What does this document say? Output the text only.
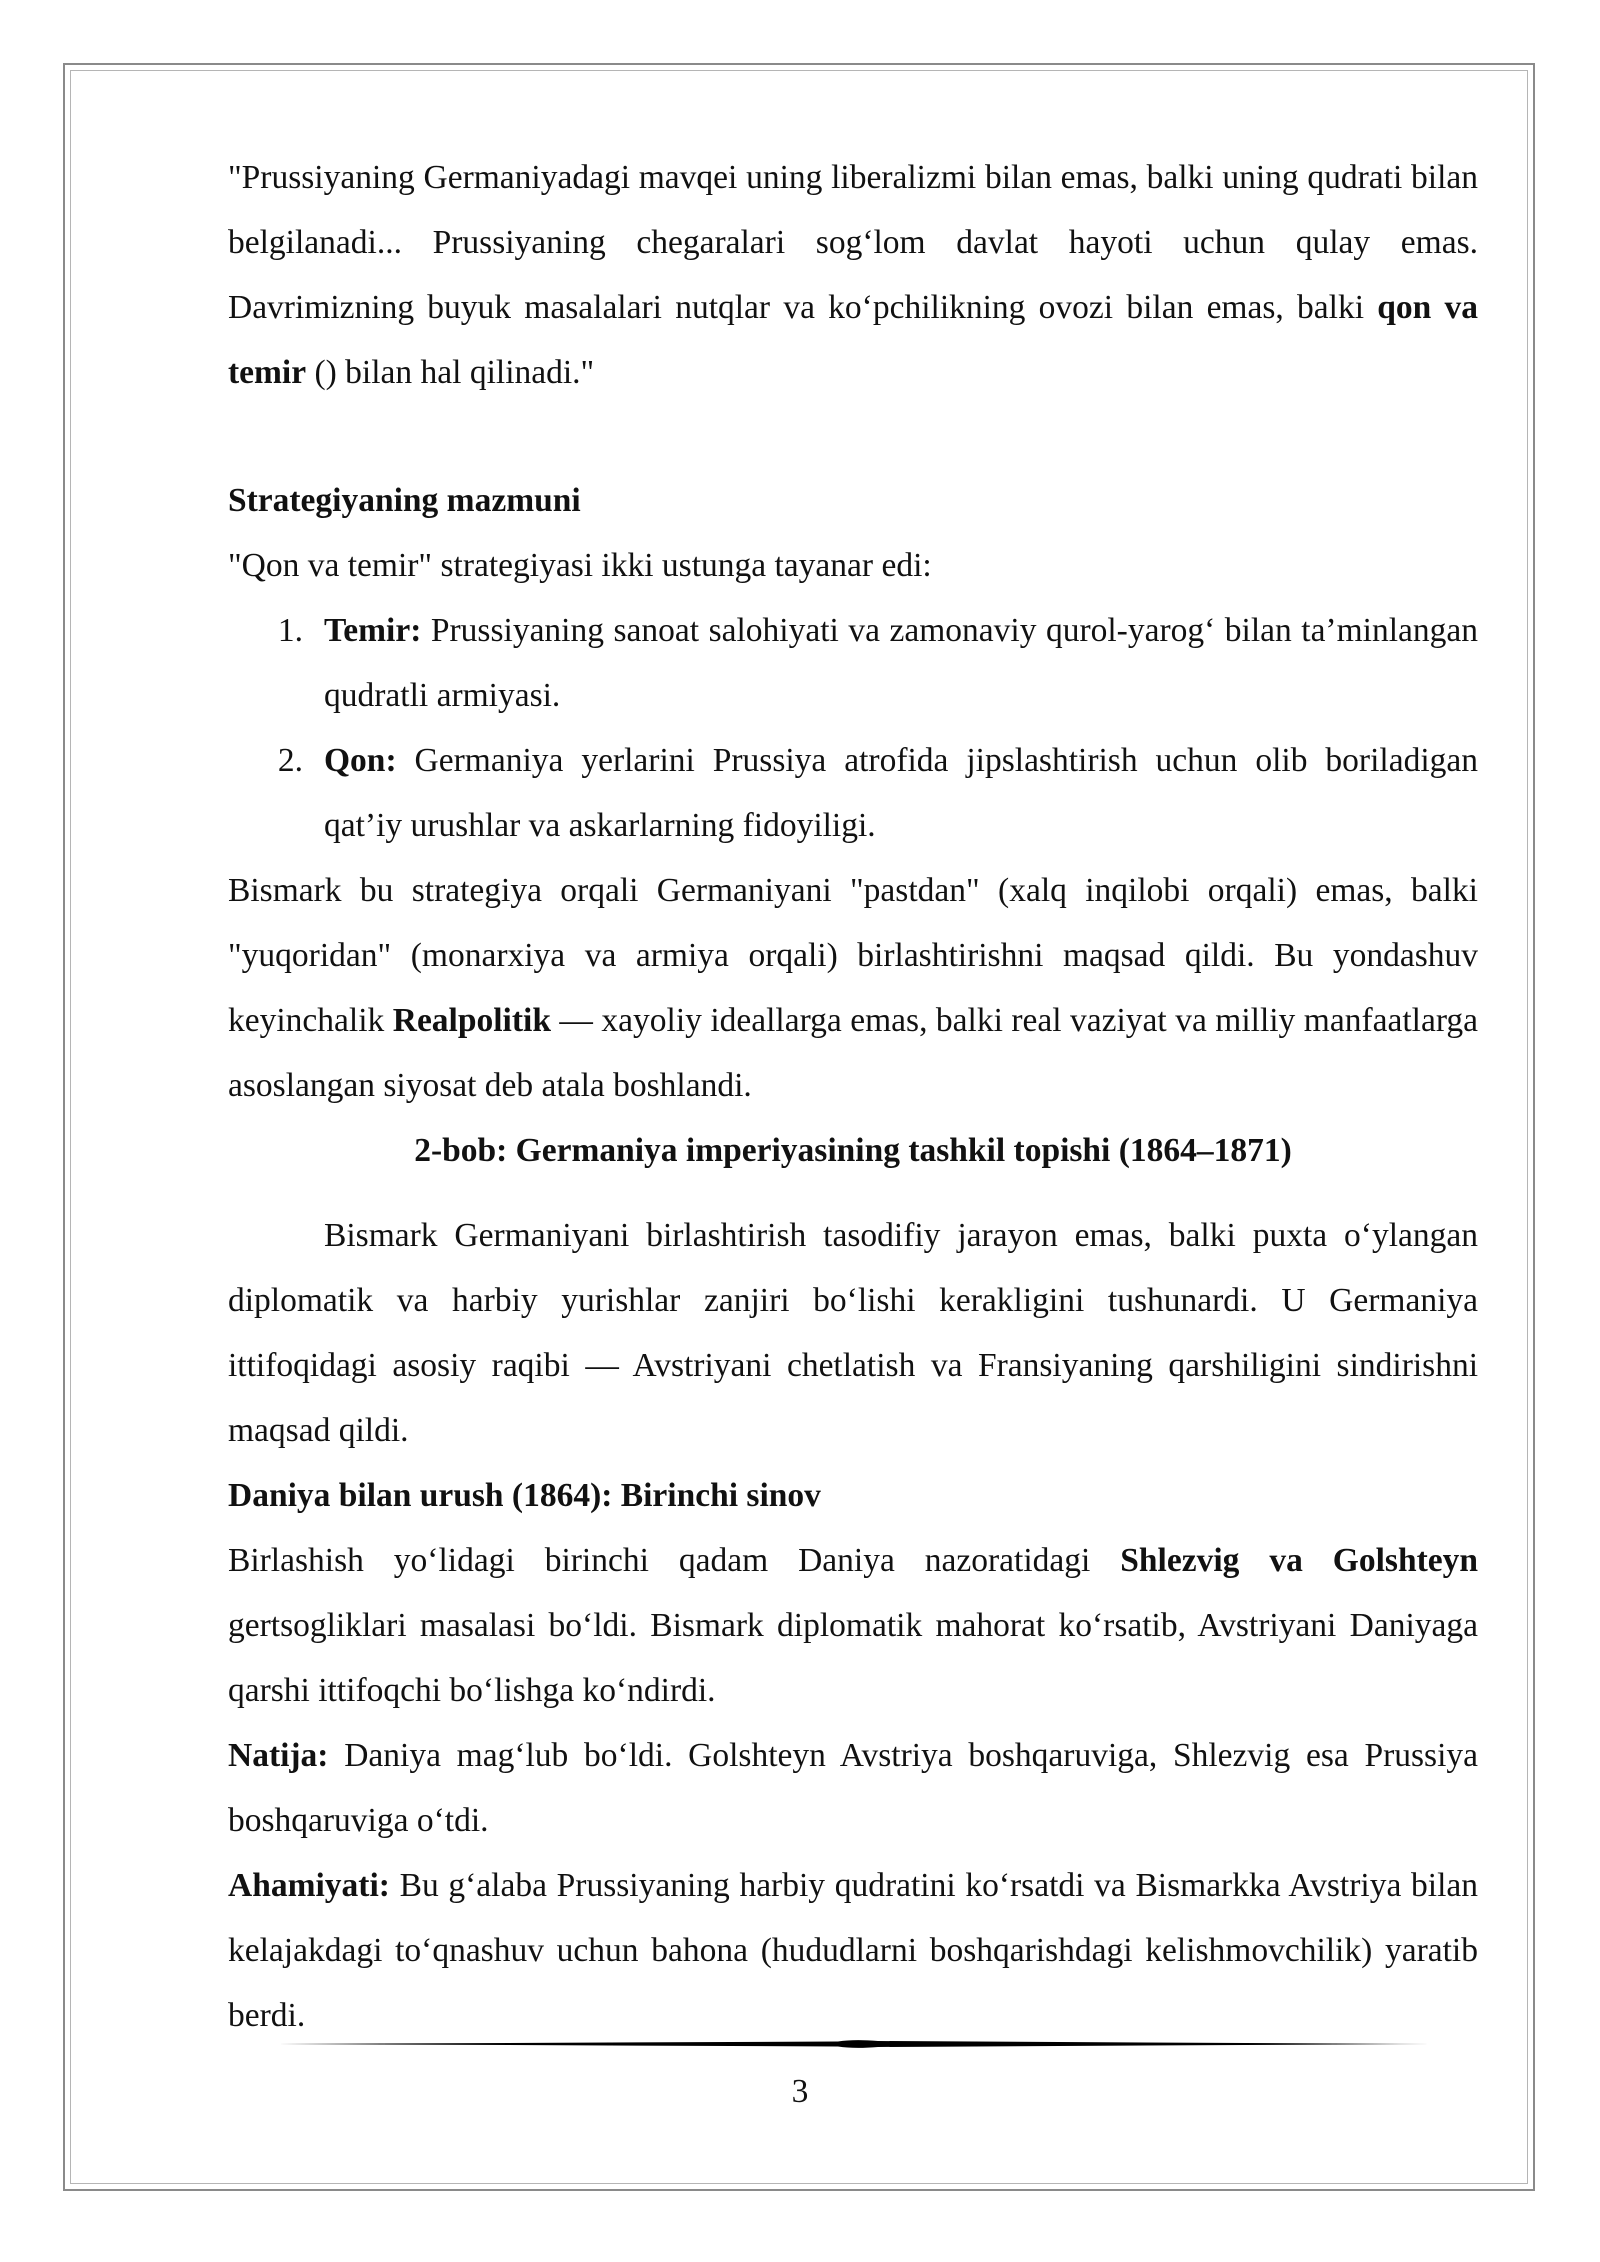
"Prussiyaning Germaniyadagi mavqei uning liberalizmi bilan emas, balki uning qudrati bilan belgilanadi... Prussiyaning chegaralari sog‘lom davlat hayoti uchun qulay emas. Davrimizning buyuk masalalari nutqlar va ko‘pchilikning ovozi bilan emas, balki qon va temir () bilan hal qilinadi."

Strategiyaning mazmuni

"Qon va temir" strategiyasi ikki ustunga tayanar edi:

1. Temir: Prussiyaning sanoat salohiyati va zamonaviy qurol-yarog‘ bilan ta’minlangan qudratli armiyasi.
2. Qon: Germaniya yerlarini Prussiya atrofida jipslashtirish uchun olib boriladigan qat’iy urushlar va askarlarning fidoyiligi.

Bismark bu strategiya orqali Germaniyani "pastdan" (xalq inqilobi orqali) emas, balki "yuqoridan" (monarxiya va armiya orqali) birlashtirishni maqsad qildi. Bu yondashuv keyinchalik Realpolitik — xayoliy ideallarga emas, balki real vaziyat va milliy manfaatlarga asoslangan siyosat deb atala boshlandi.

2-bob: Germaniya imperiyasining tashkil topishi (1864–1871)

Bismark Germaniyani birlashtirish tasodifiy jarayon emas, balki puxta o‘ylangan diplomatik va harbiy yurishlar zanjiri bo‘lishi kerakligini tushunardi. U Germaniya ittifoqidagi asosiy raqibi — Avstriyani chetlatish va Fransiyaning qarshiligini sindirishni maqsad qildi.

Daniya bilan urush (1864): Birinchi sinov

Birlashish yo‘lidagi birinchi qadam Daniya nazoratidagi Shlezvig va Golshteyn gertsogliklari masalasi bo‘ldi. Bismark diplomatik mahorat ko‘rsatib, Avstriyani Daniyaga qarshi ittifoqchi bo‘lishga ko‘ndirdi.

Natija: Daniya mag‘lub bo‘ldi. Golshteyn Avstriya boshqaruviga, Shlezvig esa Prussiya boshqaruviga o‘tdi.

Ahamiyati: Bu g‘alaba Prussiyaning harbiy qudratini ko‘rsatdi va Bismarkka Avstriya bilan kelajakdagi to‘qnashuv uchun bahona (hududlarni boshqarishdagi kelishmovchilik) yaratib berdi.

3
